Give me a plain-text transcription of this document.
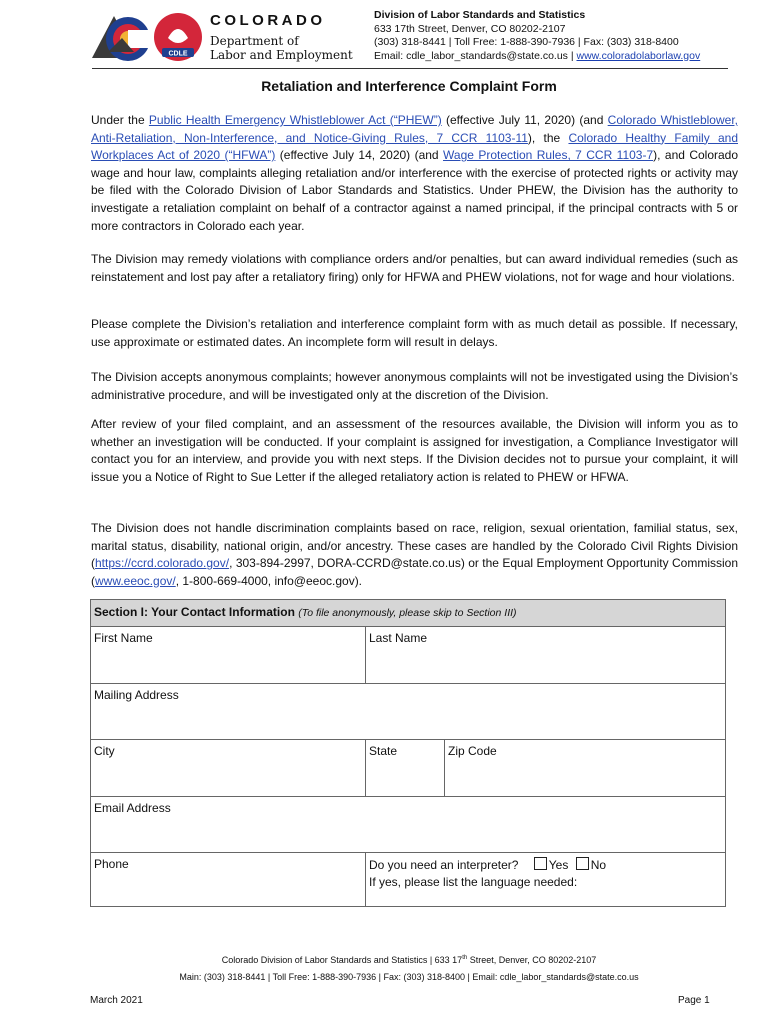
CDLE
COLORADO
Department of
Labor and Employment
Division of Labor Standards and Statistics
633 17th Street, Denver, CO 80202-2107
(303) 318-8441 | Toll Free: 1-888-390-7936 | Fax: (303) 318-8400
Email: cdle_labor_standards@state.co.us | www.coloradolaborlaw.gov
Retaliation and Interference Complaint Form

Under the Public Health Emergency Whistleblower Act (“PHEW”) (effective July 11, 2020) (and Colorado Whistleblower, Anti-Retaliation, Non-Interference, and Notice-Giving Rules, 7 CCR 1103-11), the Colorado Healthy Family and Workplaces Act of 2020 (“HFWA”) (effective July 14, 2020) (and Wage Protection Rules, 7 CCR 1103-7), and Colorado wage and hour law, complaints alleging retaliation and/or interference with the exercise of protected rights or activity may be filed with the Colorado Division of Labor Standards and Statistics. Under PHEW, the Division has the authority to investigate a retaliation complaint on behalf of a contractor against a named principal, if the principal contracts with 5 or more contractors in Colorado each year.

The Division may remedy violations with compliance orders and/or penalties, but can award individual remedies (such as reinstatement and lost pay after a retaliatory firing) only for HFWA and PHEW violations, not for wage and hour violations.

Please complete the Division’s retaliation and interference complaint form with as much detail as possible. If necessary, use approximate or estimated dates. An incomplete form will result in delays.

The Division accepts anonymous complaints; however anonymous complaints will not be investigated using the Division’s administrative procedure, and will be investigated only at the discretion of the Division.

After review of your filed complaint, and an assessment of the resources available, the Division will inform you as to whether an investigation will be conducted. If your complaint is assigned for investigation, a Compliance Investigator will contact you for an interview, and provide you with next steps. If the Division decides not to pursue your complaint, it will issue you a Notice of Right to Sue Letter if the alleged retaliatory action is related to PHEW or HFWA.

The Division does not handle discrimination complaints based on race, religion, sexual orientation, familial status, sex, marital status, disability, national origin, and/or ancestry. These cases are handled by the Colorado Civil Rights Division (https://ccrd.colorado.gov/, 303-894-2997, DORA-CCRD@state.co.us) or the Equal Employment Opportunity Commission (www.eeoc.gov/, 1-800-669-4000, info@eeoc.gov).

Section I: Your Contact Information (To file anonymously, please skip to Section III)
First Name	Last Name
Mailing Address
City	State	Zip Code
Email Address
Phone	Do you need an interpreter?	Yes No
If yes, please list the language needed:
Colorado Division of Labor Standards and Statistics | 633 17th Street, Denver, CO 80202-2107
Main: (303) 318-8441 | Toll Free: 1-888-390-7936 | Fax: (303) 318-8400 | Email: cdle_labor_standards@state.co.us
March 2021	Page 1
